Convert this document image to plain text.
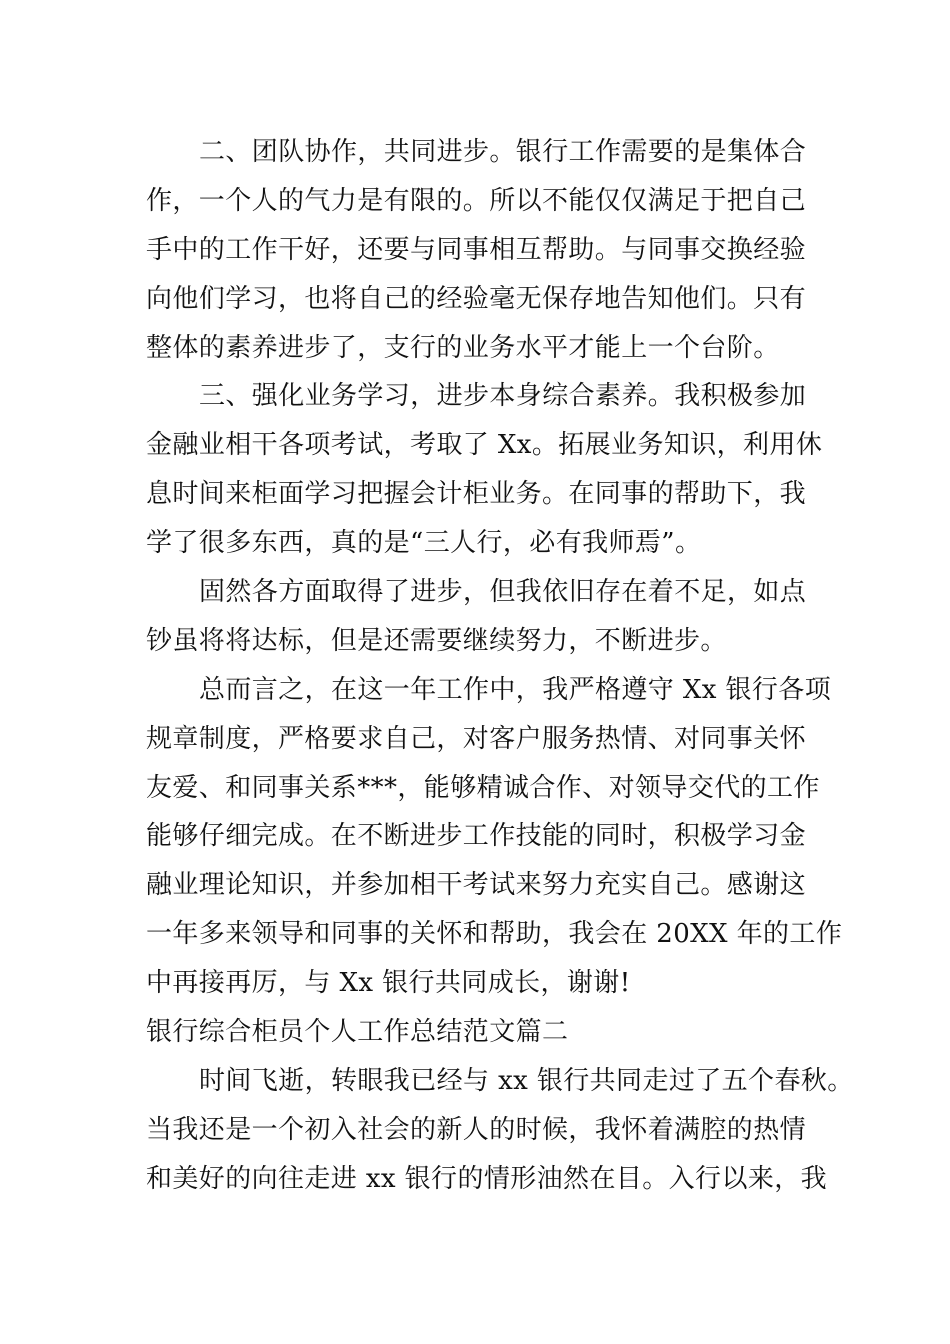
二、团队协作，共同进步。银行工作需要的是集体合
作，一个人的气力是有限的。所以不能仅仅满足于把自己
手中的工作干好，还要与同事相互帮助。与同事交换经验
向他们学习，也将自己的经验毫无保存地告知他们。只有
整体的素养进步了，支行的业务水平才能上一个台阶。
三、强化业务学习，进步本身综合素养。我积极参加
金融业相干各项考试，考取了 Xx。拓展业务知识，利用休
息时间来柜面学习把握会计柜业务。在同事的帮助下，我
学了很多东西，真的是“三人行，必有我师焉”。
固然各方面取得了进步，但我依旧存在着不足，如点
钞虽将将达标，但是还需要继续努力，不断进步。
总而言之，在这一年工作中，我严格遵守 Xx 银行各项
规章制度，严格要求自己，对客户服务热情、对同事关怀
友爱、和同事关系***，能够精诚合作、对领导交代的工作
能够仔细完成。在不断进步工作技能的同时，积极学习金
融业理论知识，并参加相干考试来努力充实自己。感谢这
一年多来领导和同事的关怀和帮助，我会在 20XX 年的工作
中再接再厉，与 Xx 银行共同成长，谢谢!
银行综合柜员个人工作总结范文篇二
时间飞逝，转眼我已经与 xx 银行共同走过了五个春秋。
当我还是一个初入社会的新人的时候，我怀着满腔的热情
和美好的向往走进 xx 银行的情形油然在目。入行以来，我
